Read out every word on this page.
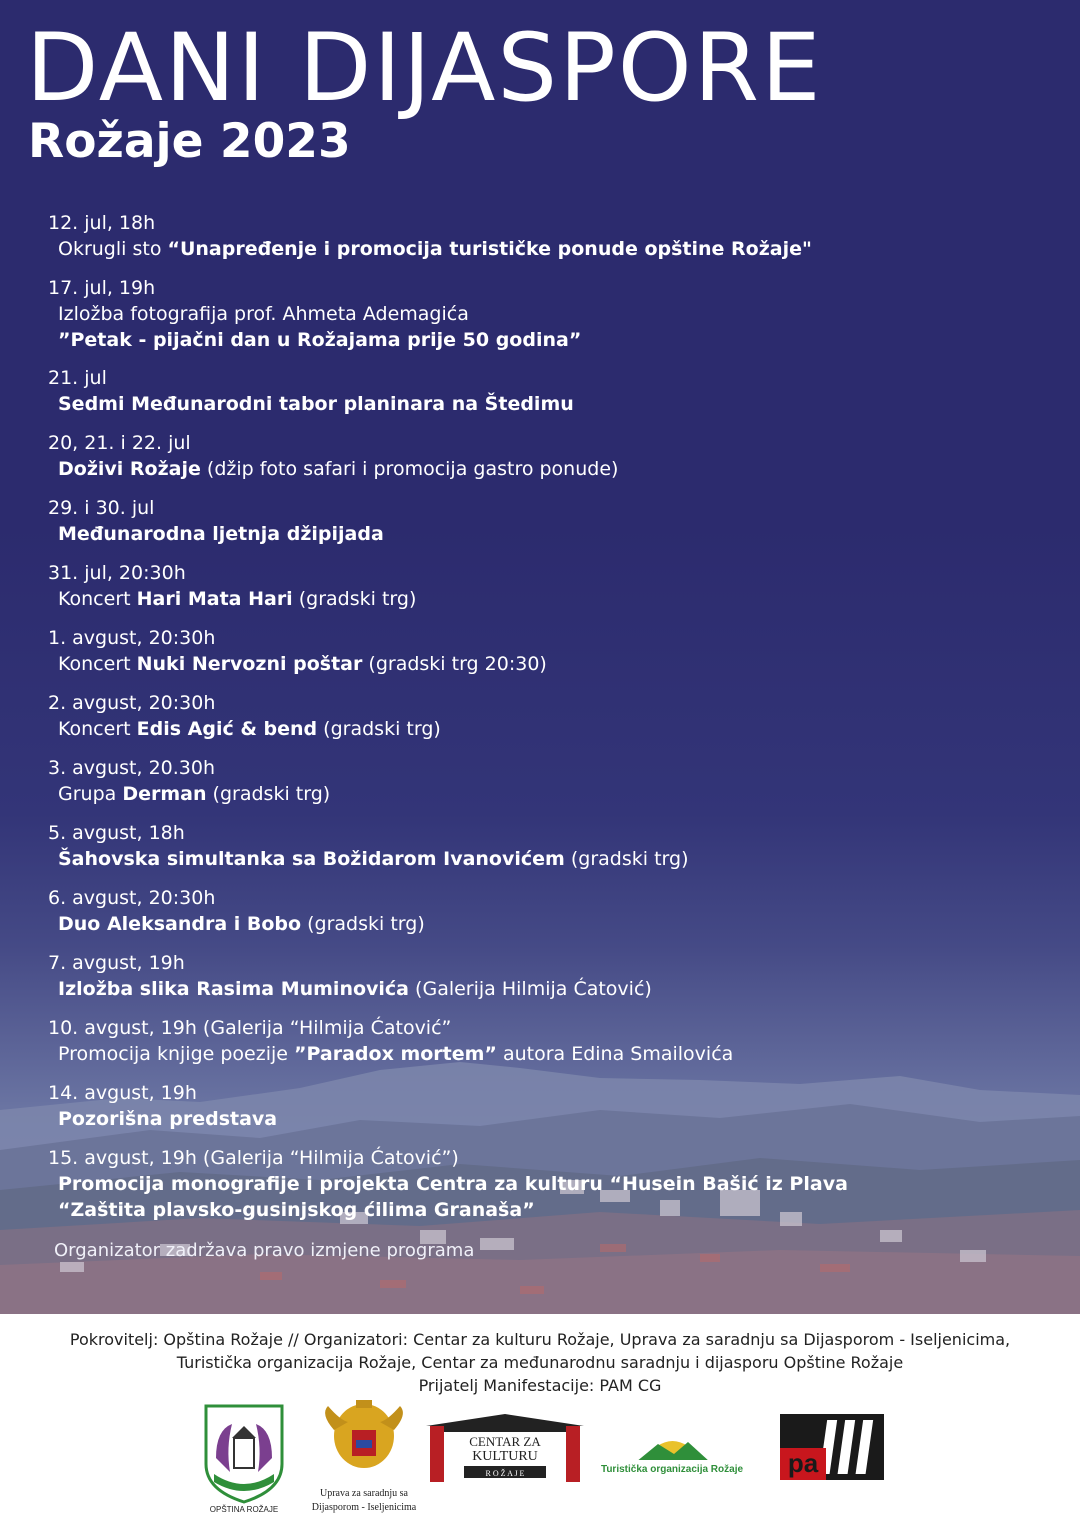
DANI DIJASPORE
Rožaje 2023
12. jul, 18h
Okrugli sto “Unapređenje i promocija turističke ponude opštine Rožaje"
17. jul, 19h
Izložba fotografija prof. Ahmeta Ademagića
”Petak - pijačni dan u Rožajama prije 50 godina”
21. jul
Sedmi Međunarodni tabor planinara na Štedimu
20, 21. i 22. jul
Doživi Rožaje (džip foto safari i promocija gastro ponude)
29. i 30. jul
Međunarodna ljetnja džipijada
31. jul, 20:30h
Koncert Hari Mata Hari (gradski trg)
1. avgust, 20:30h
Koncert Nuki Nervozni poštar (gradski trg 20:30)
2. avgust, 20:30h
Koncert Edis Agić & bend (gradski trg)
3. avgust, 20.30h
Grupa Derman (gradski trg)
5. avgust, 18h
Šahovska simultanka sa Božidarom Ivanovićem (gradski trg)
6. avgust, 20:30h
Duo Aleksandra i Bobo (gradski trg)
7. avgust, 19h
Izložba slika Rasima Muminovića (Galerija Hilmija Ćatović)
10. avgust, 19h (Galerija “Hilmija Ćatović”
Promocija knjige poezije ”Paradox mortem” autora Edina Smailovića
14. avgust, 19h
Pozorišna predstava
15. avgust, 19h (Galerija “Hilmija Ćatović”)
Promocija monografije i projekta Centra za kulturu “Husein Bašić iz Plava
“Zaštita plavsko-gusinjskog ćilima Granaša”
Organizator zadržava pravo izmjene programa
Pokrovitelj: Opština Rožaje // Organizatori: Centar za kulturu Rožaje, Uprava za saradnju sa Dijasporom - Iseljenicima,
Turistička organizacija Rožaje, Centar za međunarodnu saradnju i dijasporu Opštine Rožaje
Prijatelj Manifestacije: PAM CG
OPŠTINA ROŽAJE
Uprava za saradnju sa
Dijasporom - Iseljenicima
CENTAR ZA
KULTURU
R O Ž A J E	Turistička organizacija Rožaje pa
